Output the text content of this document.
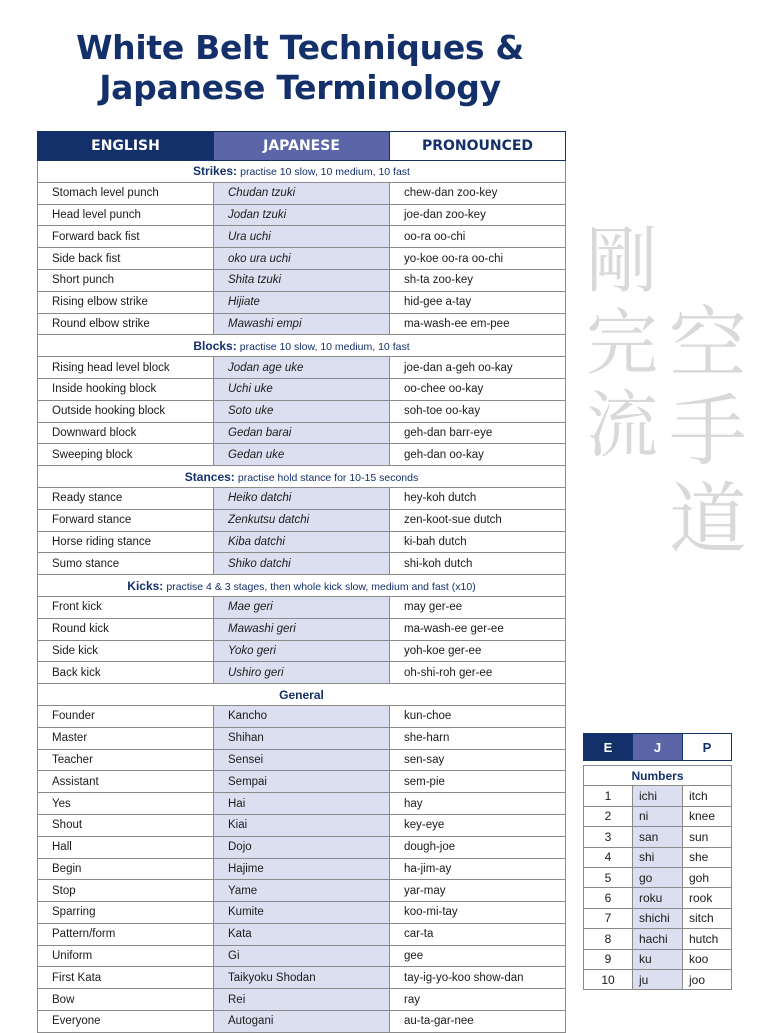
White Belt Techniques &
Japanese Terminology
ENGLISH	JAPANESE	PRONOUNCED
Strikes: practise 10 slow, 10 medium, 10 fast		
Stomach level punch	Chudan tzuki	chew-dan zoo-key
Head level punch	Jodan tzuki	joe-dan zoo-key
Forward back fist	Ura uchi	oo-ra oo-chi
Side back fist	oko ura uchi	yo-koe oo-ra oo-chi
Short punch	Shita tzuki	sh-ta zoo-key
Rising elbow strike	Hijiate	hid-gee a-tay
Round elbow strike	Mawashi empi	ma-wash-ee em-pee
Blocks: practise 10 slow, 10 medium, 10 fast		
Rising head level block	Jodan age uke	joe-dan a-geh oo-kay
Inside hooking block	Uchi uke	oo-chee oo-kay
Outside hooking block	Soto uke	soh-toe oo-kay
Downward block	Gedan barai	geh-dan barr-eye
Sweeping block	Gedan uke	geh-dan oo-kay
Stances: practise hold stance for 10-15 seconds		
Ready stance	Heiko datchi	hey-koh dutch
Forward stance	Zenkutsu datchi	zen-koot-sue dutch
Horse riding stance	Kiba datchi	ki-bah dutch
Sumo stance	Shiko datchi	shi-koh dutch
Kicks: practise 4 & 3 stages, then whole kick slow, medium and fast (x10)		
Front kick	Mae geri	may ger-ee
Round kick	Mawashi geri	ma-wash-ee ger-ee
Side kick	Yoko geri	yoh-koe ger-ee
Back kick	Ushiro geri	oh-shi-roh ger-ee
General		
Founder	Kancho	kun-choe
Master	Shihan	she-harn
Teacher	Sensei	sen-say
Assistant	Sempai	sem-pie
Yes	Hai	hay
Shout	Kiai	key-eye
Hall	Dojo	dough-joe
Begin	Hajime	ha-jim-ay
Stop	Yame	yar-may
Sparring	Kumite	koo-mi-tay
Pattern/form	Kata	car-ta
Uniform	Gi	gee
First Kata	Taikyoku Shodan	tay-ig-yo-koo show-dan
Bow	Rei	ray
Everyone	Autogani	au-ta-gar-nee
剛
完
流
空
手
道
E	J	P

Numbers		
1	ichi	itch
2	ni	knee
3	san	sun
4	shi	she
5	go	goh
6	roku	rook
7	shichi	sitch
8	hachi	hutch
9	ku	koo
10	ju	joo
